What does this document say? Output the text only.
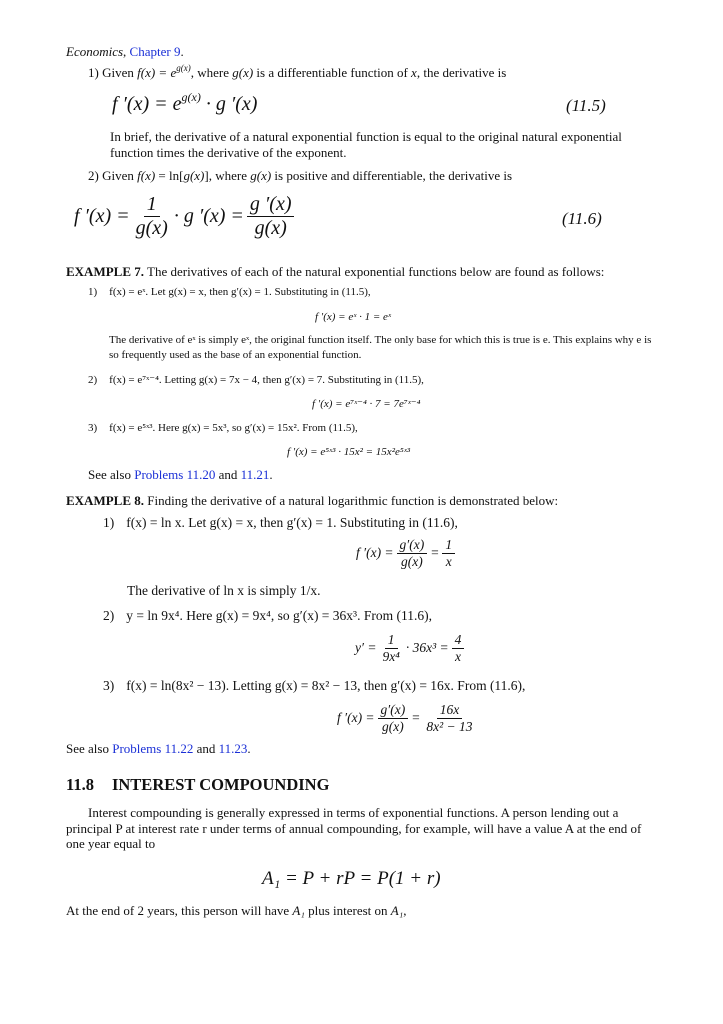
Economics, Chapter 9.
1) Given $f(x) = e^{g(x)}$, where g(x) is a differentiable function of x, the derivative is
f $'(x) = e^{g(x)} \cdot g$ ′(x)	(11.5)
In brief, the derivative of a natural exponential function is equal to the original natural exponential function times the derivative of the exponent.
2) Given f(x) = ln[g(x)], where g(x) is positive and differentiable, the derivative is
f $'(x) = \frac{1}{g(x)} \cdot g$ $'(x) = \frac{g '(x)}{g(x)}$	(11.6)
EXAMPLE 7. The derivatives of each of the natural exponential functions below are found as follows:
1) f(x) = eˣ. Let g(x) = x, then g′(x) = 1. Substituting in (11.5),
f ′(x) = eˣ · 1 = eˣ
The derivative of eˣ is simply eˣ, the original function itself. The only base for which this is true is e. This explains why e is so frequently used as the base of an exponential function.
2) f(x) = e⁷ˣ⁻⁴. Letting g(x) = 7x − 4, then g′(x) = 7. Substituting in (11.5),
f ′(x) = e⁷ˣ⁻⁴ · 7 = 7e⁷ˣ⁻⁴
3) f(x) = e⁵ˣ³. Here g(x) = 5x³, so g′(x) = 15x². From (11.5),
f ′(x) = e⁵ˣ³ · 15x² = 15x²e⁵ˣ³
See also Problems 11.20 and 11.21.
EXAMPLE 8. Finding the derivative of a natural logarithmic function is demonstrated below:
1) f(x) = ln x. Let g(x) = x, then g′(x) = 1. Substituting in (11.6),
f $'(x) = \frac{g'(x)}{g(x)} = \frac{1}{x}$
The derivative of ln x is simply 1/x.
2) y = ln 9x⁴. Here g(x) = 9x⁴, so g′(x) = 36x³. From (11.6),
$y' = \frac{1}{\text{9x⁴}} \cdot 36x^3 = \frac{4}{x}$
3) f(x) = ln(8x² − 13). Letting g(x) = 8x² − 13, then g′(x) = 16x. From (11.6),
f $'(x) = \frac{g'(x)}{g(x)} = \frac{16x}{\text{8x² − 13}}$
See also Problems 11.22 and 11.23.
11.8 INTEREST COMPOUNDING
Interest compounding is generally expressed in terms of exponential functions. A person lending out a principal P at interest rate r under terms of annual compounding, for example, will have a value A at the end of one year equal to
A₁ = P + rP = P(1 + r)
At the end of 2 years, this person will have A₁ plus interest on A₁,
